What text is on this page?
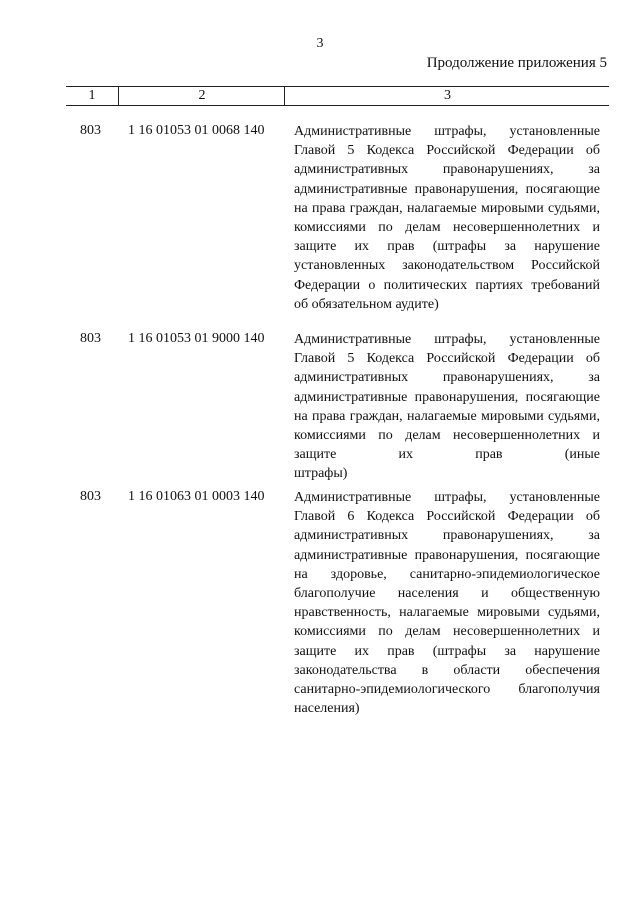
3
Продолжение приложения 5
1	2	3
803 1 16 01053 01 0068 140 Административные штрафы, установленные Главой 5 Кодекса Российской Федерации об административных правонарушениях, за административные правонарушения, посягающие на права граждан, налагаемые мировыми судьями, комиссиями по делам несовершеннолетних и защите их прав (штрафы за нарушение установленных законодательством Российской Федерации о политических партиях требований
об обязательном аудите)
803 1 16 01053 01 9000 140 Административные штрафы, установленные Главой 5 Кодекса Российской Федерации об административных правонарушениях, за административные правонарушения, посягающие на права граждан, налагаемые мировыми судьями, комиссиями по делам несовершеннолетних и защите их прав (иные
штрафы)
803 1 16 01063 01 0003 140 Административные штрафы, установленные Главой 6 Кодекса Российской Федерации об административных правонарушениях, за административные правонарушения, посягающие на здоровье, санитарно-эпидемиологическое благополучие населения и общественную нравственность, налагаемые мировыми судьями, комиссиями по делам несовершеннолетних и защите их прав (штрафы за нарушение законодательства в области обеспечения санитарно-эпидемиологического благополучия
населения)
